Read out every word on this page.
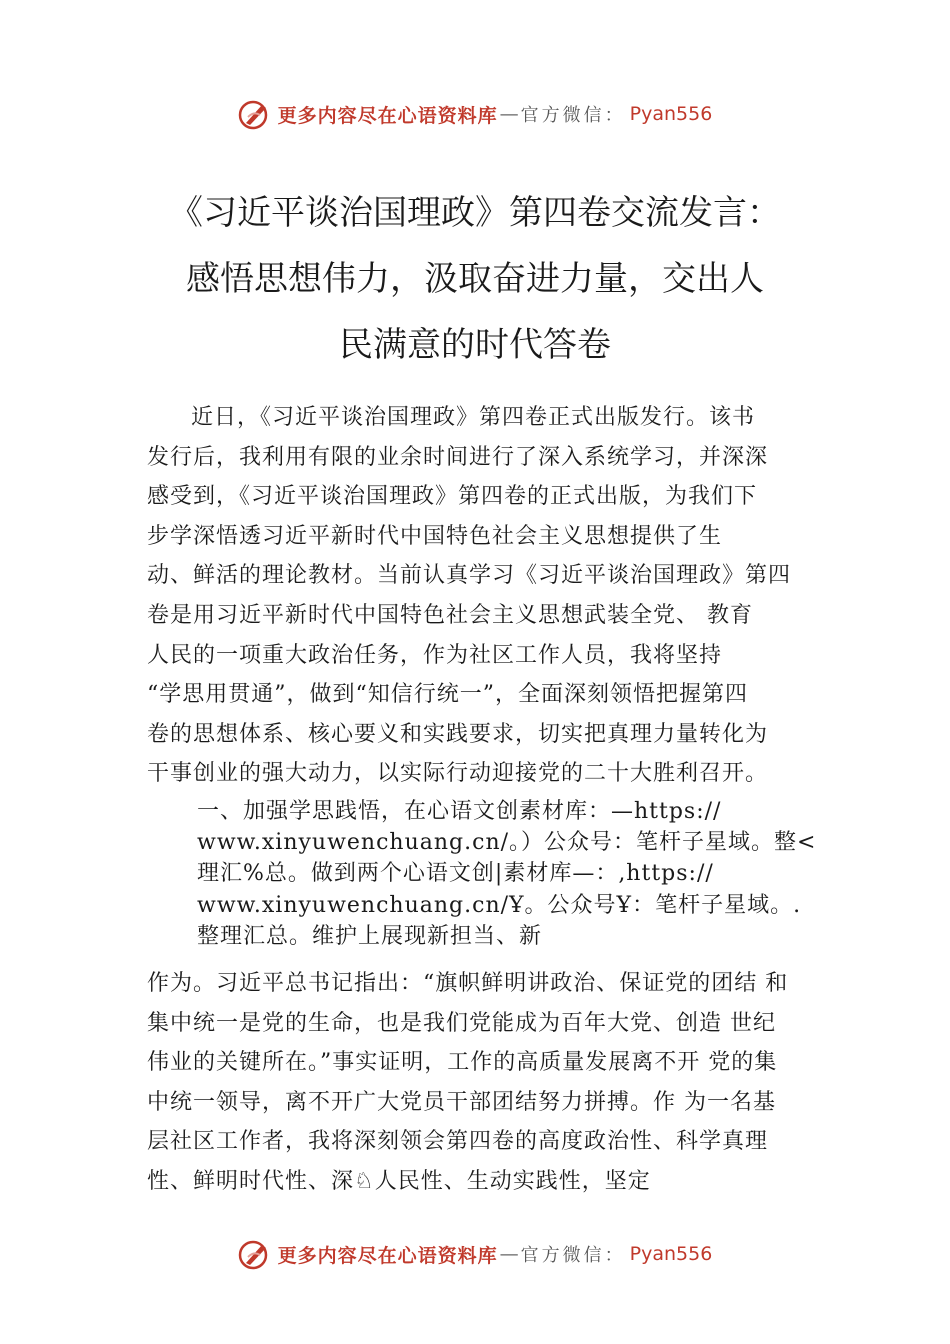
更多内容尽在心语资料库 — 官方微信： Pyan556
《习近平谈治国理政》第四卷交流发言：
感悟思想伟力，汲取奋进力量，交出人
民满意的时代答卷
近日，《习近平谈治国理政》第四卷正式出版发行。该书
发行后，我利用有限的业余时间进行了深入系统学习，并深深
感受到，《习近平谈治国理政》第四卷的正式出版，为我们下
步学深悟透习近平新时代中国特色社会主义思想提供了生
动、鲜活的理论教材。当前认真学习《习近平谈治国理政》第四
卷是用习近平新时代中国特色社会主义思想武装全党、 教育
人民的一项重大政治任务，作为社区工作人员，我将坚持
“学思用贯通”，做到“知信行统一”，全面深刻领悟把握第四
卷的思想体系、核心要义和实践要求，切实把真理力量转化为
干事创业的强大动力，以实际行动迎接党的二十大胜利召开。
一、加强学思践悟，在心语文创素材库：—https://
www.xinyuwenchuang.cn/。）公众号：笔杆子星域。整<
理汇%总。做到两个心语文创|素材库—：,https://
www.xinyuwenchuang.cn/Ұ。公众号Ұ：笔杆子星域。.
整理汇总。维护上展现新担当、新
作为。习近平总书记指出：“旗帜鲜明讲政治、保证党的团结 和
集中统一是党的生命，也是我们党能成为百年大党、创造 世纪
伟业的关键所在。”事实证明，工作的高质量发展离不开 党的集
中统一领导，离不开广大党员干部团结努力拼搏。作 为一名基
层社区工作者，我将深刻领会第四卷的高度政治性、科学真理
性、鲜明时代性、深♘人民性、生动实践性，坚定
更多内容尽在心语资料库 — 官方微信： Pyan556
